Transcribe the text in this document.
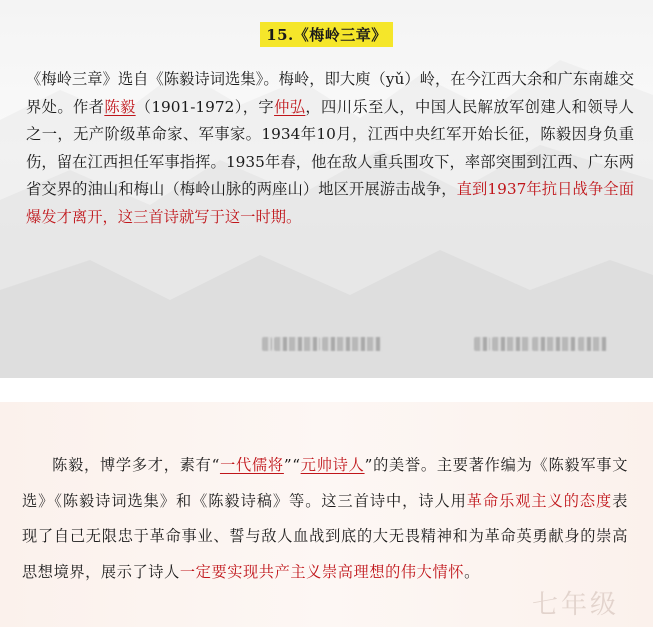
15.《梅岭三章》
《梅岭三章》选自《陈毅诗词选集》。梅岭，即大庾（yǔ）岭，在今江西大余和广东南雄交界处。作者陈毅（1901-1972），字仲弘，四川乐至人，中国人民解放军创建人和领导人之一，无产阶级革命家、军事家。1934年10月，江西中央红军开始长征，陈毅因身负重伤，留在江西担任军事指挥。1935年春，他在敌人重兵围攻下，率部突围到江西、广东两省交界的油山和梅山（梅岭山脉的两座山）地区开展游击战争，直到1937年抗日战争全面爆发才离开，这三首诗就写于这一时期。
七年级
陈毅，博学多才，素有“一代儒将”“元帅诗人”的美誉。主要著作编为《陈毅军事文选》《陈毅诗词选集》和《陈毅诗稿》等。这三首诗中，诗人用革命乐观主义的态度表现了自己无限忠于革命事业、誓与敌人血战到底的大无畏精神和为革命英勇献身的崇高思想境界，展示了诗人一定要实现共产主义崇高理想的伟大情怀。
